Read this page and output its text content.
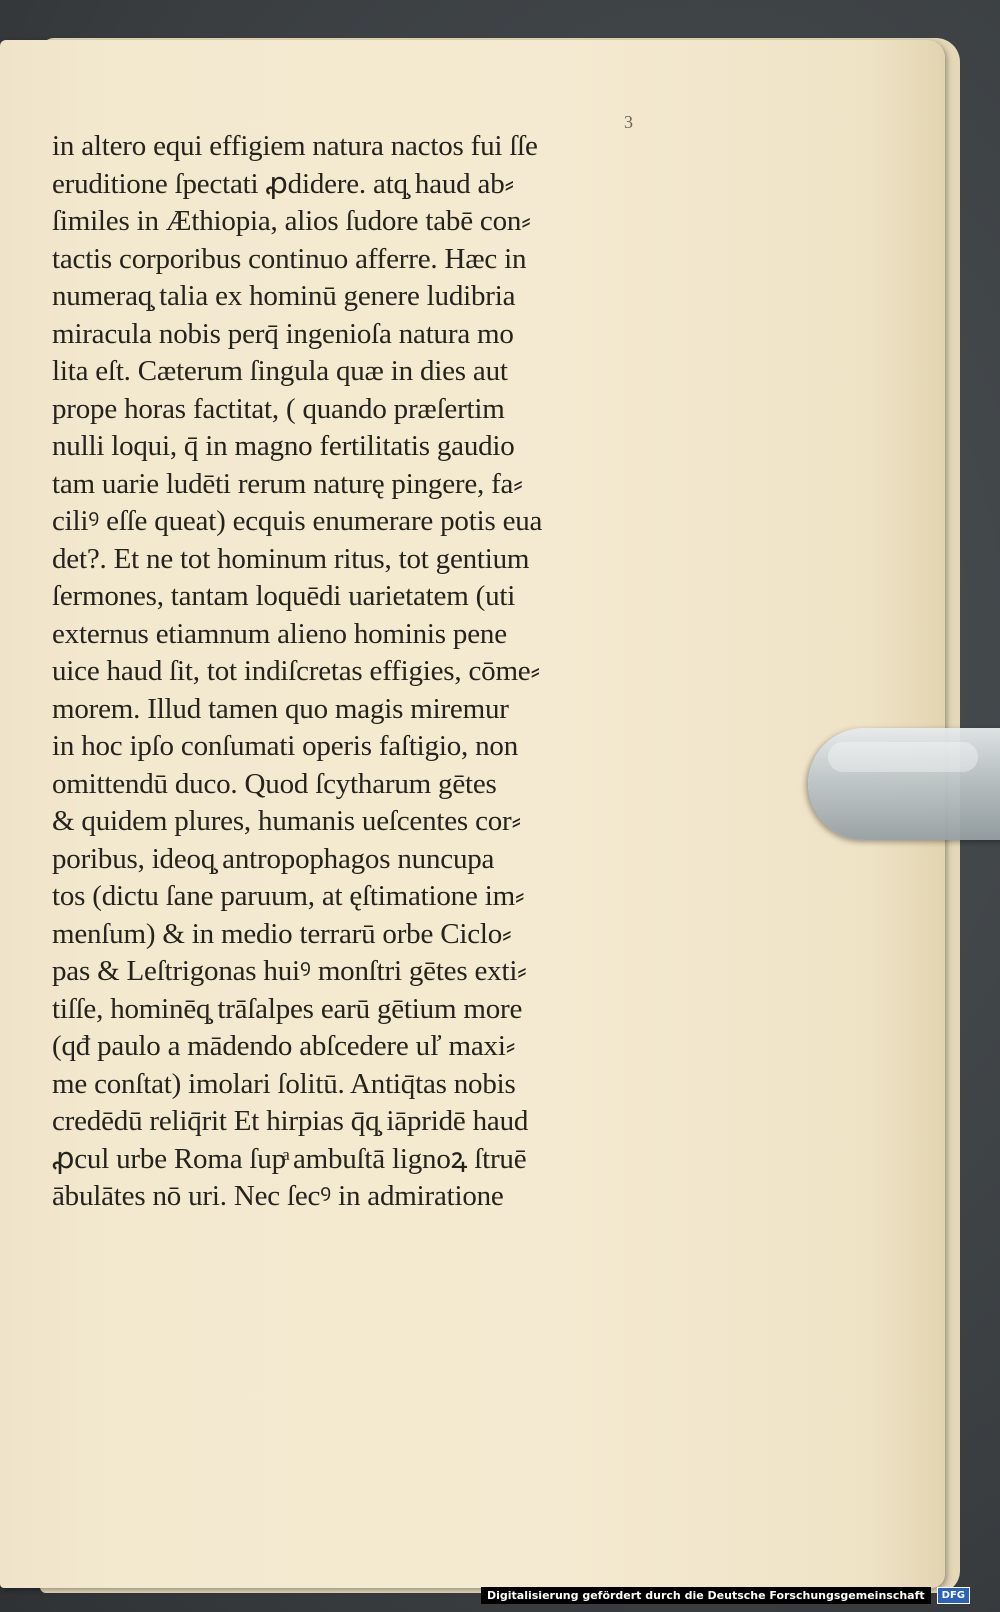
3
in altero equi effigiem natura nactos fui ſſe
eruditione ſpectati ꝓdidere. atq̧ haud ab⸗
ſimiles in Æthiopia, alios ſudore tabē con⸗
tactis corporibus continuo afferre. Hæc in
numeraq̧ talia ex hominū genere ludibria
miracula nobis perq̄ ingenioſa natura mo
lita eſt. Cæterum ſingula quæ in dies aut
prope horas factitat, ( quando præſertim
nulli loqui, q̄ in magno fertilitatis gaudio
tam uarie ludēti rerum naturę pingere, fa⸗
ciliꝰ eſſe queat) ecquis enumerare potis eua
det?. Et ne tot hominum ritus, tot gentium
ſermones, tantam loquēdi uarietatem (uti
externus etiamnum alieno hominis pene
uice haud ſit, tot indiſcretas effigies, cōme⸗
morem. Illud tamen quo magis miremur
in hoc ipſo conſumati operis faſtigio, non
omittendū duco. Quod ſcytharum gētes
& quidem plures, humanis ueſcentes cor⸗
poribus, ideoq̧ antropophagos nuncupa
tos (dictu ſane paruum, at ęſtimatione im⸗
menſum) & in medio terrarū orbe Ciclo⸗
pas & Leſtrigonas huiꝰ monſtri gētes exti⸗
tiſſe, hominēq̧ trāſalpes earū gētium more
(qđ paulo a mādendo abſcedere uľ maxi⸗
me conſtat) imolari ſolitū. Antiq̄tas nobis
credēdū reliq̄rit Et hirpias q̄q̧ iāpridē haud
ꝓcul urbe Roma ſupͣ ambuſtā lignoꝝ ſtruē
ābulātes nō uri. Nec ſecꝰ in admiratione
Digitalisierung gefördert durch die Deutsche Forschungsgemeinschaft	DFG
